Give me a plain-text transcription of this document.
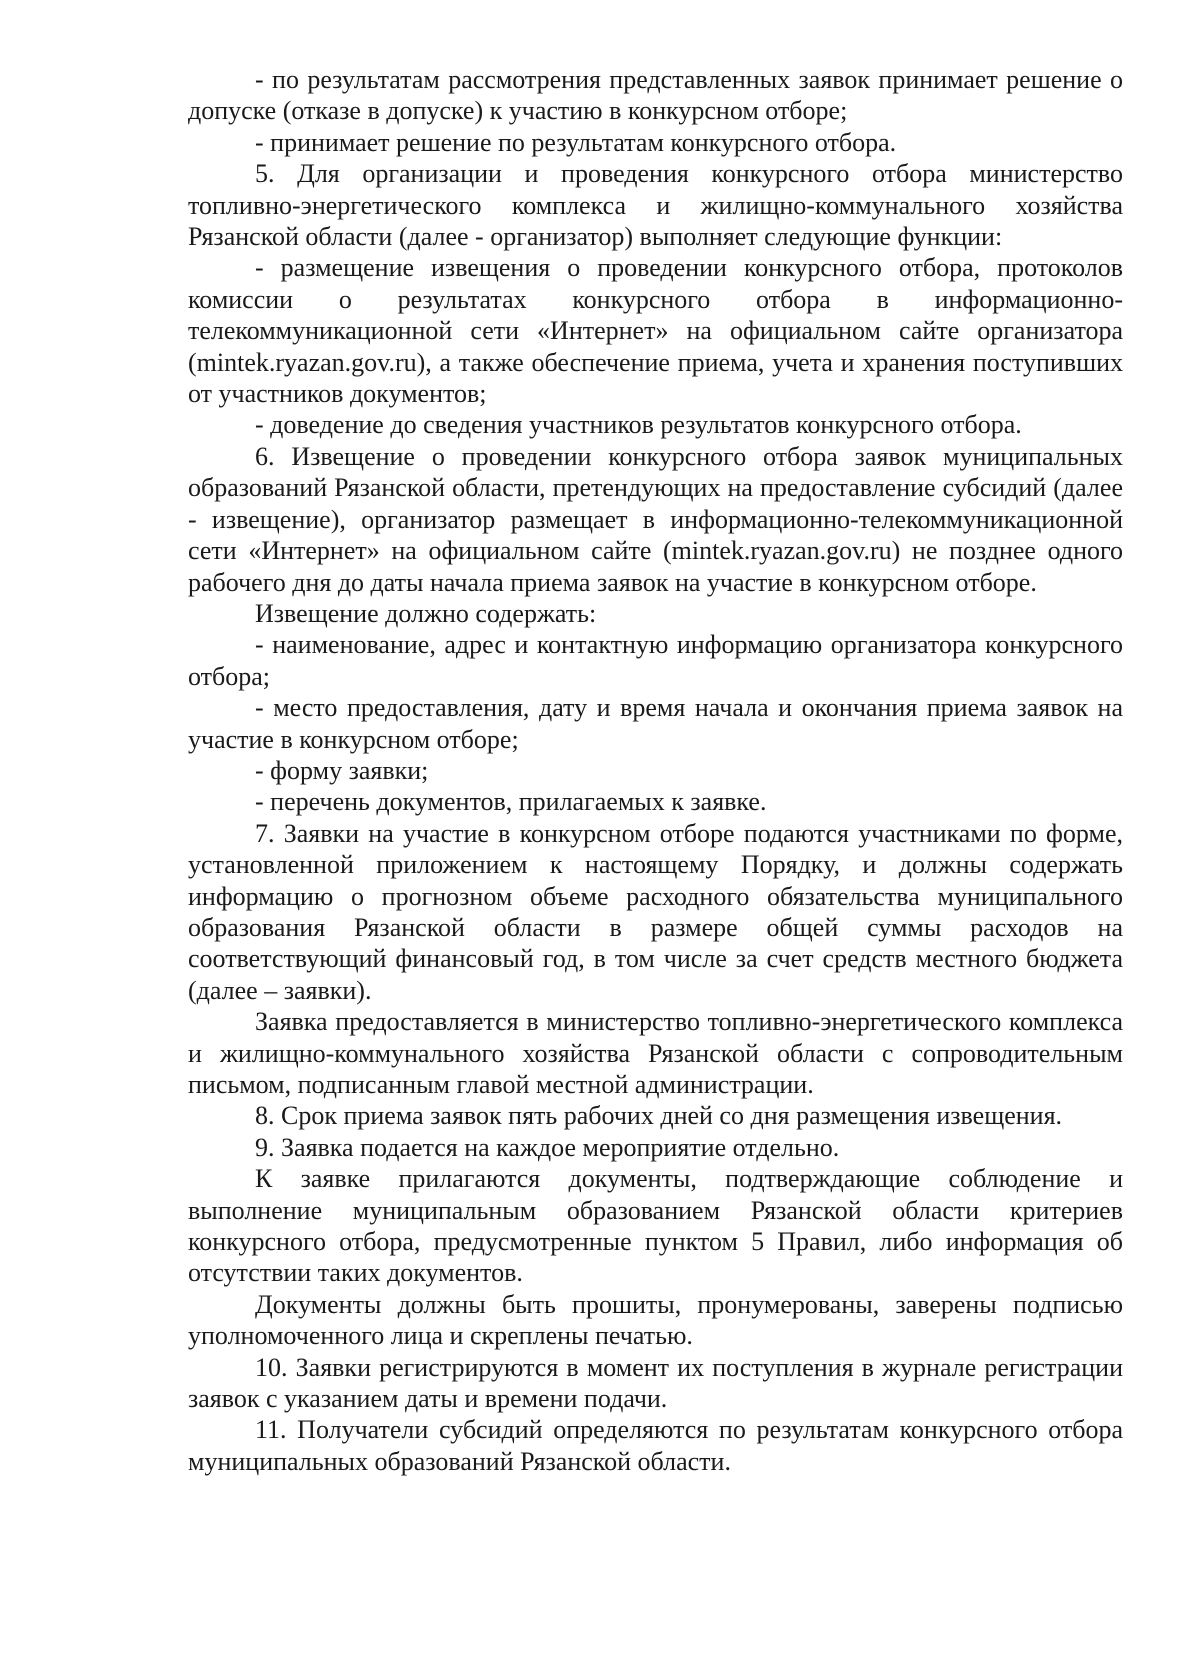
- по результатам рассмотрения представленных заявок принимает решение о допуске (отказе в допуске) к участию в конкурсном отборе;

- принимает решение по результатам конкурсного отбора.

5. Для организации и проведения конкурсного отбора министерство топливно-энергетического комплекса и жилищно-коммунального хозяйства Рязанской области (далее - организатор) выполняет следующие функции:

- размещение извещения о проведении конкурсного отбора, протоколов комиссии о результатах конкурсного отбора в информационно-телекоммуникационной сети «Интернет» на официальном сайте организатора (mintek.ryazan.gov.ru), а также обеспечение приема, учета и хранения поступивших от участников документов;

- доведение до сведения участников результатов конкурсного отбора.

6. Извещение о проведении конкурсного отбора заявок муниципальных образований Рязанской области, претендующих на предоставление субсидий (далее - извещение), организатор размещает в информационно-телекоммуникационной сети «Интернет» на официальном сайте (mintek.ryazan.gov.ru) не позднее одного рабочего дня до даты начала приема заявок на участие в конкурсном отборе.

Извещение должно содержать:

- наименование, адрес и контактную информацию организатора конкурсного отбора;

- место предоставления, дату и время начала и окончания приема заявок на участие в конкурсном отборе;

- форму заявки;

- перечень документов, прилагаемых к заявке.

7. Заявки на участие в конкурсном отборе подаются участниками по форме, установленной приложением к настоящему Порядку, и должны содержать информацию о прогнозном объеме расходного обязательства муниципального образования Рязанской области в размере общей суммы расходов на соответствующий финансовый год, в том числе за счет средств местного бюджета (далее – заявки).

Заявка предоставляется в министерство топливно-энергетического комплекса и жилищно-коммунального хозяйства Рязанской области с сопроводительным письмом, подписанным главой местной администрации.

8. Срок приема заявок пять рабочих дней со дня размещения извещения.

9. Заявка подается на каждое мероприятие отдельно.

К заявке прилагаются документы, подтверждающие соблюдение и выполнение муниципальным образованием Рязанской области критериев конкурсного отбора, предусмотренные пунктом 5 Правил, либо информация об отсутствии таких документов.

Документы должны быть прошиты, пронумерованы, заверены подписью уполномоченного лица и скреплены печатью.

10. Заявки регистрируются в момент их поступления в журнале регистрации заявок с указанием даты и времени подачи.

11. Получатели субсидий определяются по результатам конкурсного отбора муниципальных образований Рязанской области.
